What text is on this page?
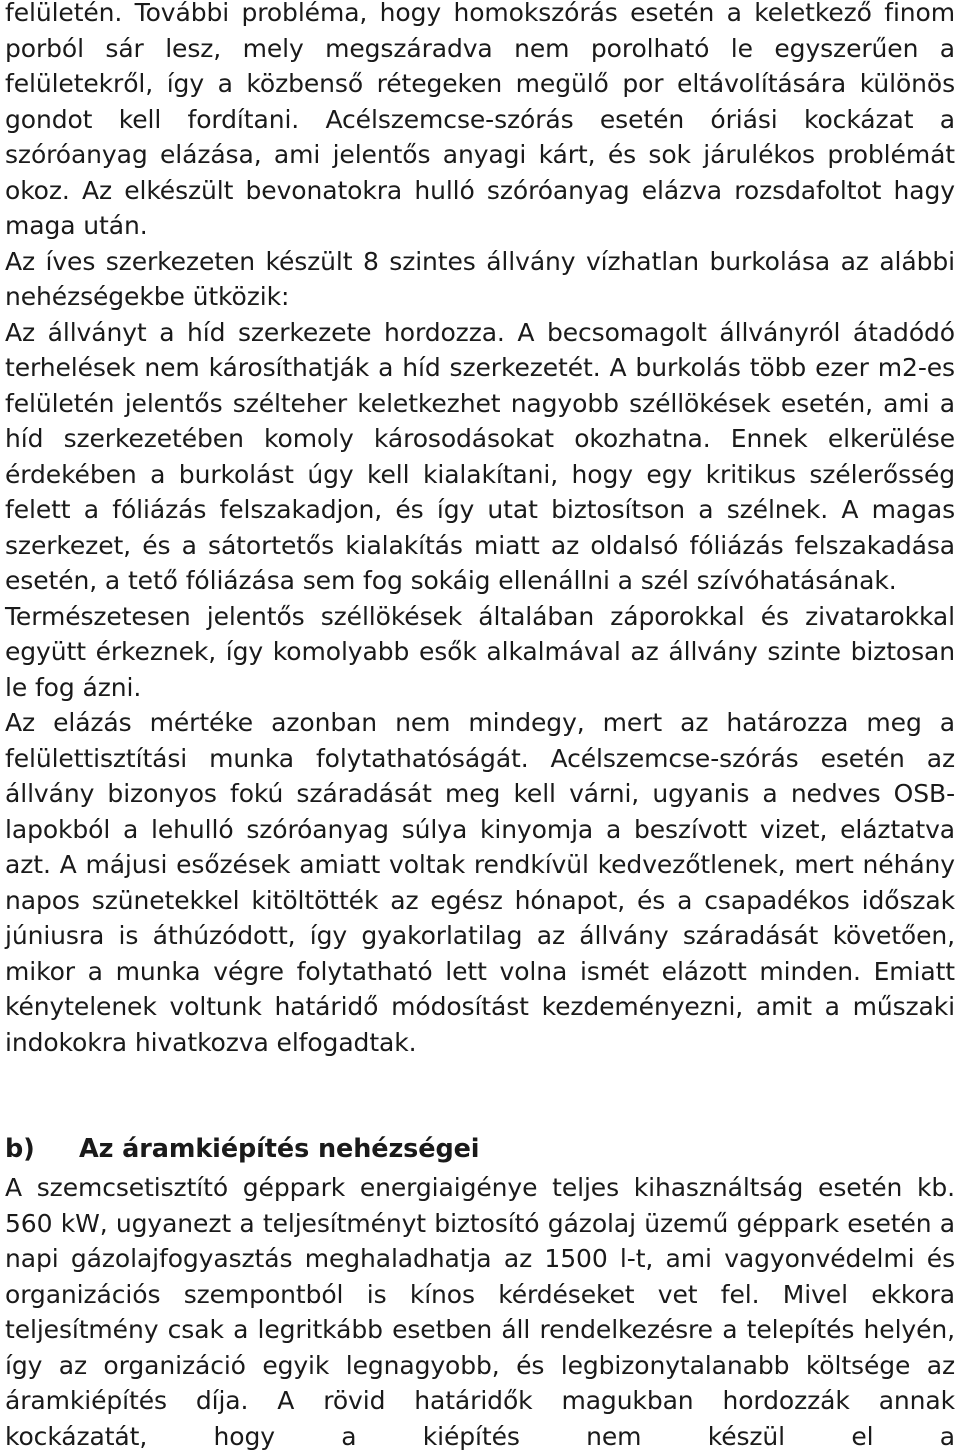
felületén. További probléma, hogy homokszórás esetén a keletkező finom porból sár lesz, mely megszáradva nem porolható le egyszerűen a felületekről, így a közbenső rétegeken megülő por eltávolítására különös gondot kell fordítani. Acélszemcse-szórás esetén óriási kockázat a szóróanyag elázása, ami jelentős anyagi kárt, és sok járulékos problémát okoz. Az elkészült bevonatokra hulló szóróanyag elázva rozsdafoltot hagy maga után.

Az íves szerkezeten készült 8 szintes állvány vízhatlan burkolása az alábbi nehézségekbe ütközik:

Az állványt a híd szerkezete hordozza. A becsomagolt állványról átadódó terhelések nem károsíthatják a híd szerkezetét. A burkolás több ezer m2-es felületén jelentős szélteher keletkezhet nagyobb széllökések esetén, ami a híd szerkezetében komoly károsodásokat okozhatna. Ennek elkerülése érdekében a burkolást úgy kell kialakítani, hogy egy kritikus szélerősség felett a fóliázás felszakadjon, és így utat biztosítson a szélnek. A magas szerkezet, és a sátortetős kialakítás miatt az oldalsó fóliázás felszakadása esetén, a tető fóliázása sem fog sokáig ellenállni a szél szívóhatásának.

Természetesen jelentős széllökések általában záporokkal és zivatarokkal együtt érkeznek, így komolyabb esők alkalmával az állvány szinte biztosan le fog ázni.

Az elázás mértéke azonban nem mindegy, mert az határozza meg a felülettisztítási munka folytathatóságát. Acélszemcse-szórás esetén az állvány bizonyos fokú száradását meg kell várni, ugyanis a nedves OSB-lapokból a lehulló szóróanyag súlya kinyomja a beszívott vizet, eláztatva azt. A májusi esőzések amiatt voltak rendkívül kedvezőtlenek, mert néhány napos szünetekkel kitöltötték az egész hónapot, és a csapadékos időszak júniusra is áthúzódott, így gyakorlatilag az állvány száradását követően, mikor a munka végre folytatható lett volna ismét elázott minden. Emiatt kénytelenek voltunk határidő módosítást kezdeményezni, amit a műszaki indokokra hivatkozva elfogadtak.

b) Az áramkiépítés nehézségei

A szemcsetisztító géppark energiaigénye teljes kihasználtság esetén kb. 560 kW, ugyanezt a teljesítményt biztosító gázolaj üzemű géppark esetén a napi gázolajfogyasztás meghaladhatja az 1500 l-t, ami vagyonvédelmi és organizációs szempontból is kínos kérdéseket vet fel. Mivel ekkora teljesítmény csak a legritkább esetben áll rendelkezésre a telepítés helyén, így az organizáció egyik legnagyobb, és legbizonytalanabb költsége az áramkiépítés díja. A rövid határidők magukban hordozzák annak kockázatát, hogy a kiépítés nem készül el a
